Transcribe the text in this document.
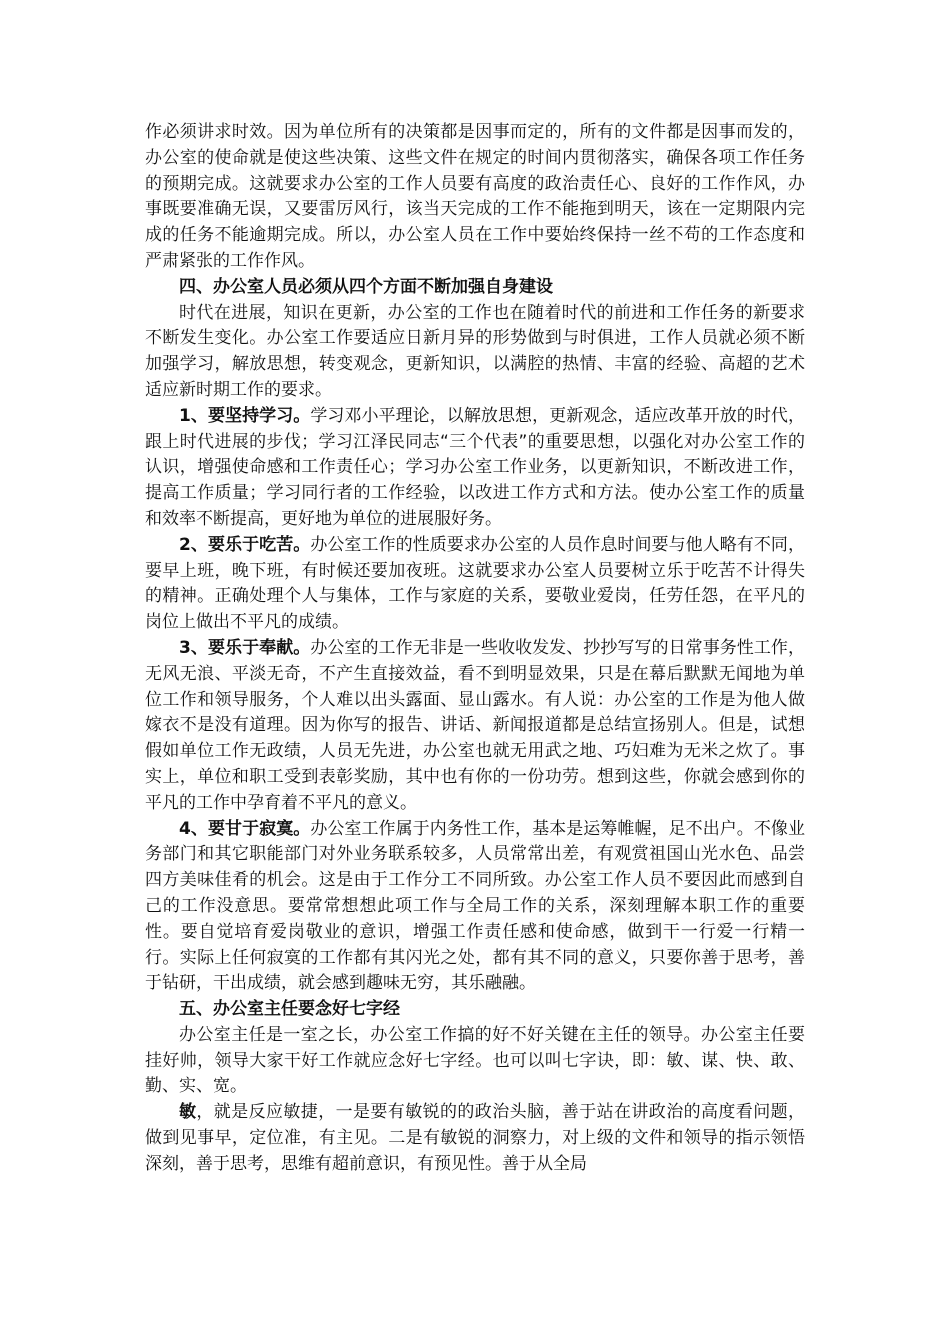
作必须讲求时效。因为单位所有的决策都是因事而定的，所有的文件都是因事而发的，办公室的使命就是使这些决策、这些文件在规定的时间内贯彻落实，确保各项工作任务的预期完成。这就要求办公室的工作人员要有高度的政治责任心、良好的工作作风，办事既要准确无误，又要雷厉风行，该当天完成的工作不能拖到明天，该在一定期限内完成的任务不能逾期完成。所以，办公室人员在工作中要始终保持一丝不苟的工作态度和严肃紧张的工作作风。

四、办公室人员必须从四个方面不断加强自身建设

时代在进展，知识在更新，办公室的工作也在随着时代的前进和工作任务的新要求不断发生变化。办公室工作要适应日新月异的形势做到与时俱进，工作人员就必须不断加强学习，解放思想，转变观念，更新知识，以满腔的热情、丰富的经验、高超的艺术适应新时期工作的要求。

1、要坚持学习。学习邓小平理论，以解放思想，更新观念，适应改革开放的时代，跟上时代进展的步伐；学习江泽民同志“三个代表”的重要思想，以强化对办公室工作的认识，增强使命感和工作责任心；学习办公室工作业务，以更新知识，不断改进工作，提高工作质量；学习同行者的工作经验，以改进工作方式和方法。使办公室工作的质量和效率不断提高，更好地为单位的进展服好务。

2、要乐于吃苦。办公室工作的性质要求办公室的人员作息时间要与他人略有不同，要早上班，晚下班，有时候还要加夜班。这就要求办公室人员要树立乐于吃苦不计得失的精神。正确处理个人与集体，工作与家庭的关系，要敬业爱岗，任劳任怨，在平凡的岗位上做出不平凡的成绩。

3、要乐于奉献。办公室的工作无非是一些收收发发、抄抄写写的日常事务性工作，无风无浪、平淡无奇，不产生直接效益，看不到明显效果，只是在幕后默默无闻地为单位工作和领导服务，个人难以出头露面、显山露水。有人说：办公室的工作是为他人做嫁衣不是没有道理。因为你写的报告、讲话、新闻报道都是总结宣扬别人。但是，试想假如单位工作无政绩，人员无先进，办公室也就无用武之地、巧妇难为无米之炊了。事实上，单位和职工受到表彰奖励，其中也有你的一份功劳。想到这些，你就会感到你的平凡的工作中孕育着不平凡的意义。

4、要甘于寂寞。办公室工作属于内务性工作，基本是运筹帷幄，足不出户。不像业务部门和其它职能部门对外业务联系较多，人员常常出差，有观赏祖国山光水色、品尝四方美味佳肴的机会。这是由于工作分工不同所致。办公室工作人员不要因此而感到自己的工作没意思。要常常想想此项工作与全局工作的关系，深刻理解本职工作的重要性。要自觉培育爱岗敬业的意识，增强工作责任感和使命感，做到干一行爱一行精一行。实际上任何寂寞的工作都有其闪光之处，都有其不同的意义，只要你善于思考，善于钻研，干出成绩，就会感到趣味无穷，其乐融融。

五、办公室主任要念好七字经

办公室主任是一室之长，办公室工作搞的好不好关键在主任的领导。办公室主任要挂好帅，领导大家干好工作就应念好七字经。也可以叫七字诀，即：敏、谋、快、敢、勤、实、宽。

敏，就是反应敏捷，一是要有敏锐的的政治头脑，善于站在讲政治的高度看问题，做到见事早，定位准，有主见。二是有敏锐的洞察力，对上级的文件和领导的指示领悟深刻，善于思考，思维有超前意识，有预见性。善于从全局
